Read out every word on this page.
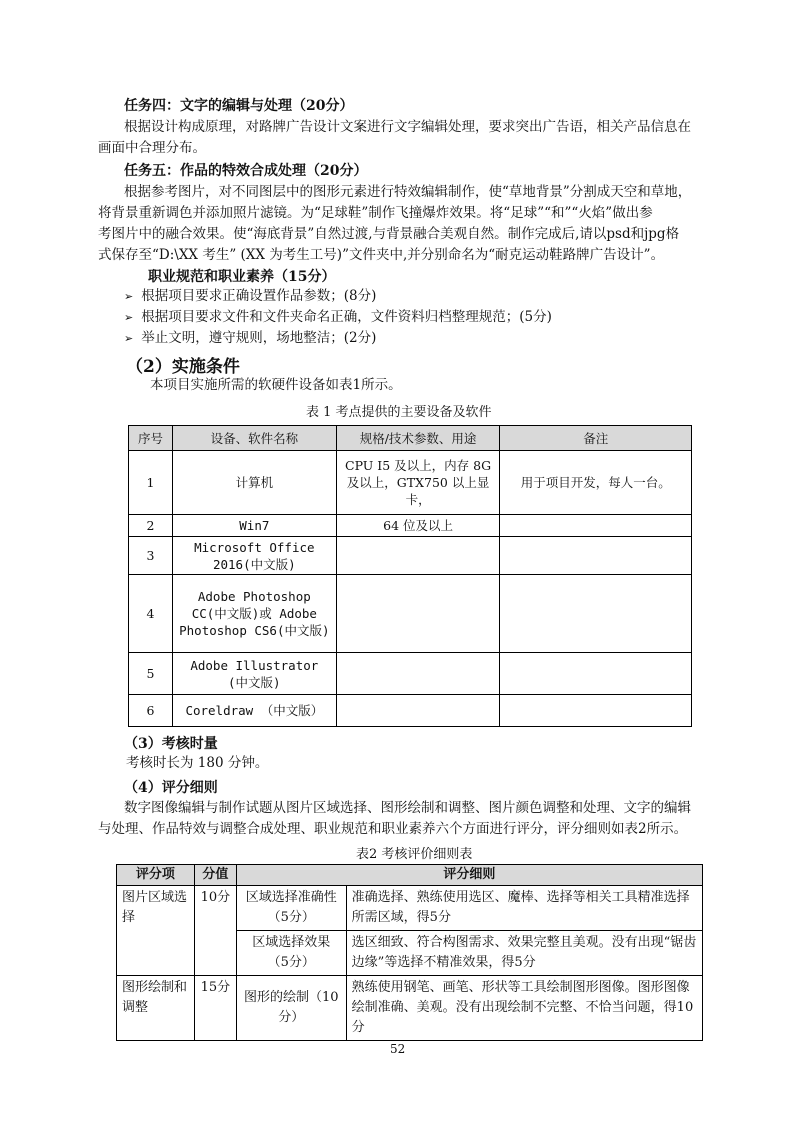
任务四：文字的编辑与处理（20分）
根据设计构成原理，对路牌广告设计文案进行文字编辑处理，要求突出广告语，相关产品信息在
画面中合理分布。
任务五：作品的特效合成处理（20分）
根据参考图片，对不同图层中的图形元素进行特效编辑制作，使“草地背景”分割成天空和草地，
将背景重新调色并添加照片滤镜。为“足球鞋”制作飞撞爆炸效果。将“足球”“和”“火焰”做出参
考图片中的融合效果。使“海底背景”自然过渡,与背景融合美观自然。制作完成后,请以psd和jpg格
式保存至“D:\XX 考生” (XX 为考生工号)”文件夹中,并分别命名为“耐克运动鞋路牌广告设计”。
职业规范和职业素养（15分）
➢ 根据项目要求正确设置作品参数；(8分)
➢ 根据项目要求文件和文件夹命名正确，文件资料归档整理规范；(5分)
➢ 举止文明，遵守规则，场地整洁；(2分)
（2）实施条件
本项目实施所需的软硬件设备如表1所示。
表 1 考点提供的主要设备及软件
序号	设备、软件名称	规格/技术参数、用途	备注
1	计算机	CPU I5 及以上，内存 8G 及以上，GTX750 以上显卡，	用于项目开发，每人一台。
2	Win7	64 位及以上	
3	Microsoft Office 2016(中文版)		
4	Adobe Photoshop CC(中文版)或 Adobe Photoshop CS6(中文版)		
5	Adobe Illustrator (中文版)		
6	Coreldraw （中文版）		
（3）考核时量
考核时长为 180 分钟。
（4）评分细则
数字图像编辑与制作试题从图片区域选择、图形绘制和调整、图片颜色调整和处理、文字的编辑
与处理、作品特效与调整合成处理、职业规范和职业素养六个方面进行评分，评分细则如表2所示。
表2 考核评价细则表
评分项	分值	评分细则	
图片区域选择	10分	区域选择准确性（5分）	准确选择、熟练使用选区、魔棒、选择等相关工具精准选择所需区域，得5分
		区域选择效果（5分）	选区细致、符合构图需求、效果完整且美观。没有出现“锯齿边缘”等选择不精准效果，得5分
图形绘制和调整	15分	图形的绘制（10分）	熟练使用钢笔、画笔、形状等工具绘制图形图像。图形图像绘制准确、美观。没有出现绘制不完整、不恰当问题，得10分
52
